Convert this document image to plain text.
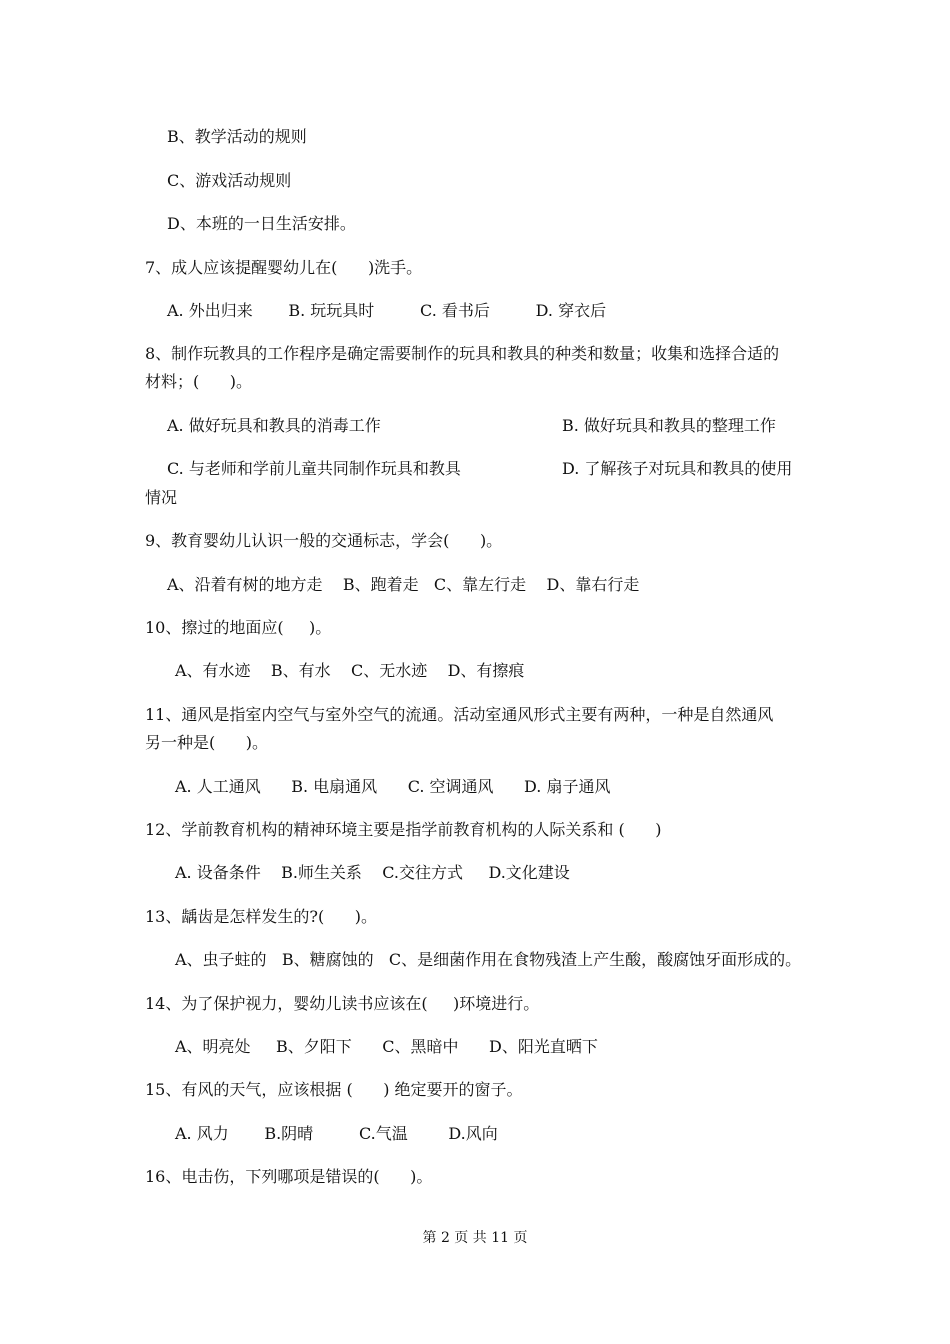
B、教学活动的规则

C、游戏活动规则

D、本班的一日生活安排。

7、成人应该提醒婴幼儿在(      )洗手。

A. 外出归来       B. 玩玩具时         C. 看书后         D. 穿衣后

8、制作玩教具的工作程序是确定需要制作的玩具和教具的种类和数量；收集和选择合适的

材料；(      )。

A. 做好玩具和教具的消毒工作	B. 做好玩具和教具的整理工作

C. 与老师和学前儿童共同制作玩具和教具	D. 了解孩子对玩具和教具的使用

情况

9、教育婴幼儿认识一般的交通标志，学会(      )。

A、沿着有树的地方走    B、跑着走   C、靠左行走    D、靠右行走

10、擦过的地面应(     )。

A、有水迹    B、有水    C、无水迹    D、有擦痕

11、通风是指室内空气与室外空气的流通。活动室通风形式主要有两种，一种是自然通风

另一种是(      )。

A. 人工通风      B. 电扇通风      C. 空调通风      D. 扇子通风

12、学前教育机构的精神环境主要是指学前教育机构的人际关系和 (      )

A. 设备条件    B.师生关系    C.交往方式     D.文化建设

13、龋齿是怎样发生的?(      )。

A、虫子蛀的   B、糖腐蚀的   C、是细菌作用在食物残渣上产生酸，酸腐蚀牙面形成的。

14、为了保护视力，婴幼儿读书应该在(     )环境进行。

A、明亮处     B、夕阳下      C、黑暗中      D、阳光直晒下

15、有风的天气，应该根据 (      ) 绝定要开的窗子。

A. 风力       B.阴晴         C.气温        D.风向

16、电击伤，下列哪项是错误的(      )。

第 2 页 共 11 页
